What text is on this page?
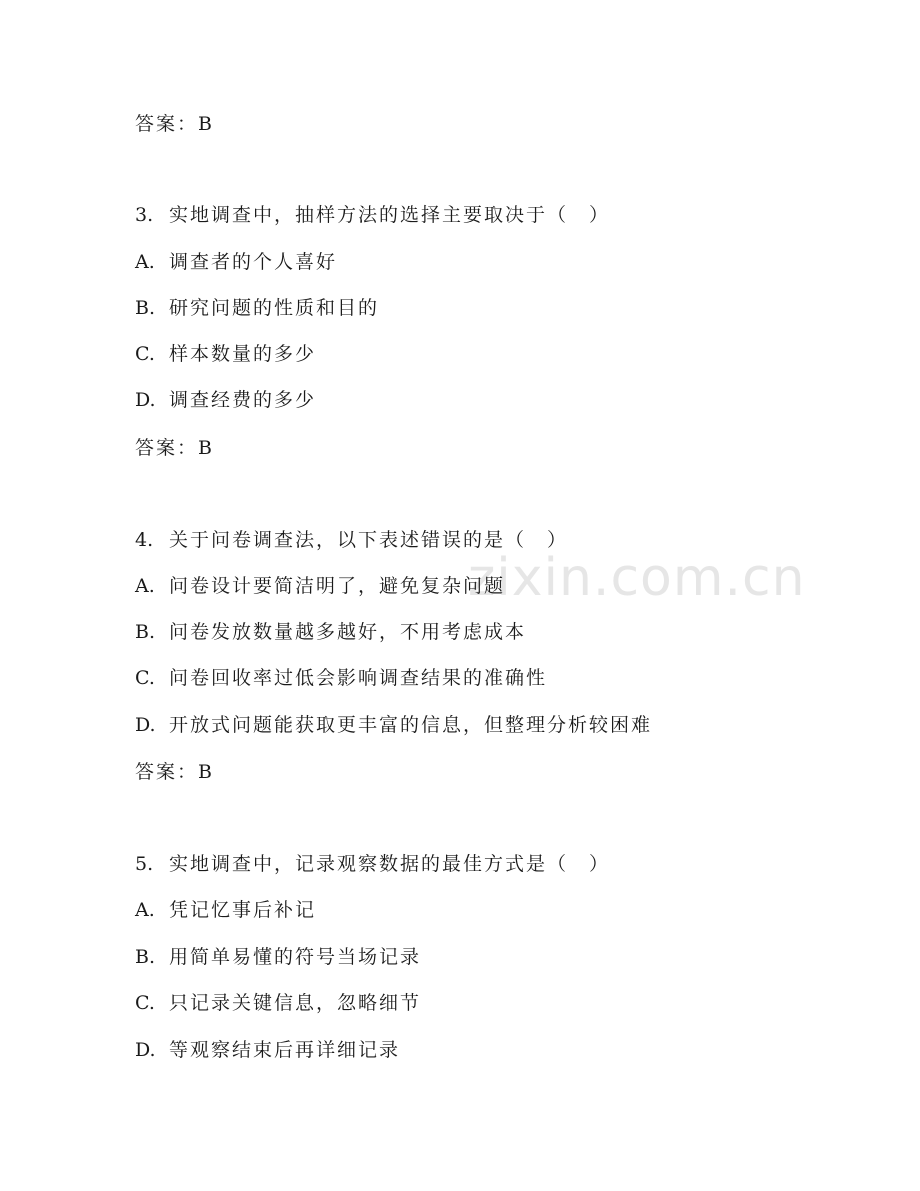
zixin.com.cn
答案：B
3. 实地调查中，抽样方法的选择主要取决于（　）
A. 调查者的个人喜好
B. 研究问题的性质和目的
C. 样本数量的多少
D. 调查经费的多少
答案：B
4. 关于问卷调查法，以下表述错误的是（　）
A. 问卷设计要简洁明了，避免复杂问题
B. 问卷发放数量越多越好，不用考虑成本
C. 问卷回收率过低会影响调查结果的准确性
D. 开放式问题能获取更丰富的信息，但整理分析较困难
答案：B
5. 实地调查中，记录观察数据的最佳方式是（　）
A. 凭记忆事后补记
B. 用简单易懂的符号当场记录
C. 只记录关键信息，忽略细节
D. 等观察结束后再详细记录
